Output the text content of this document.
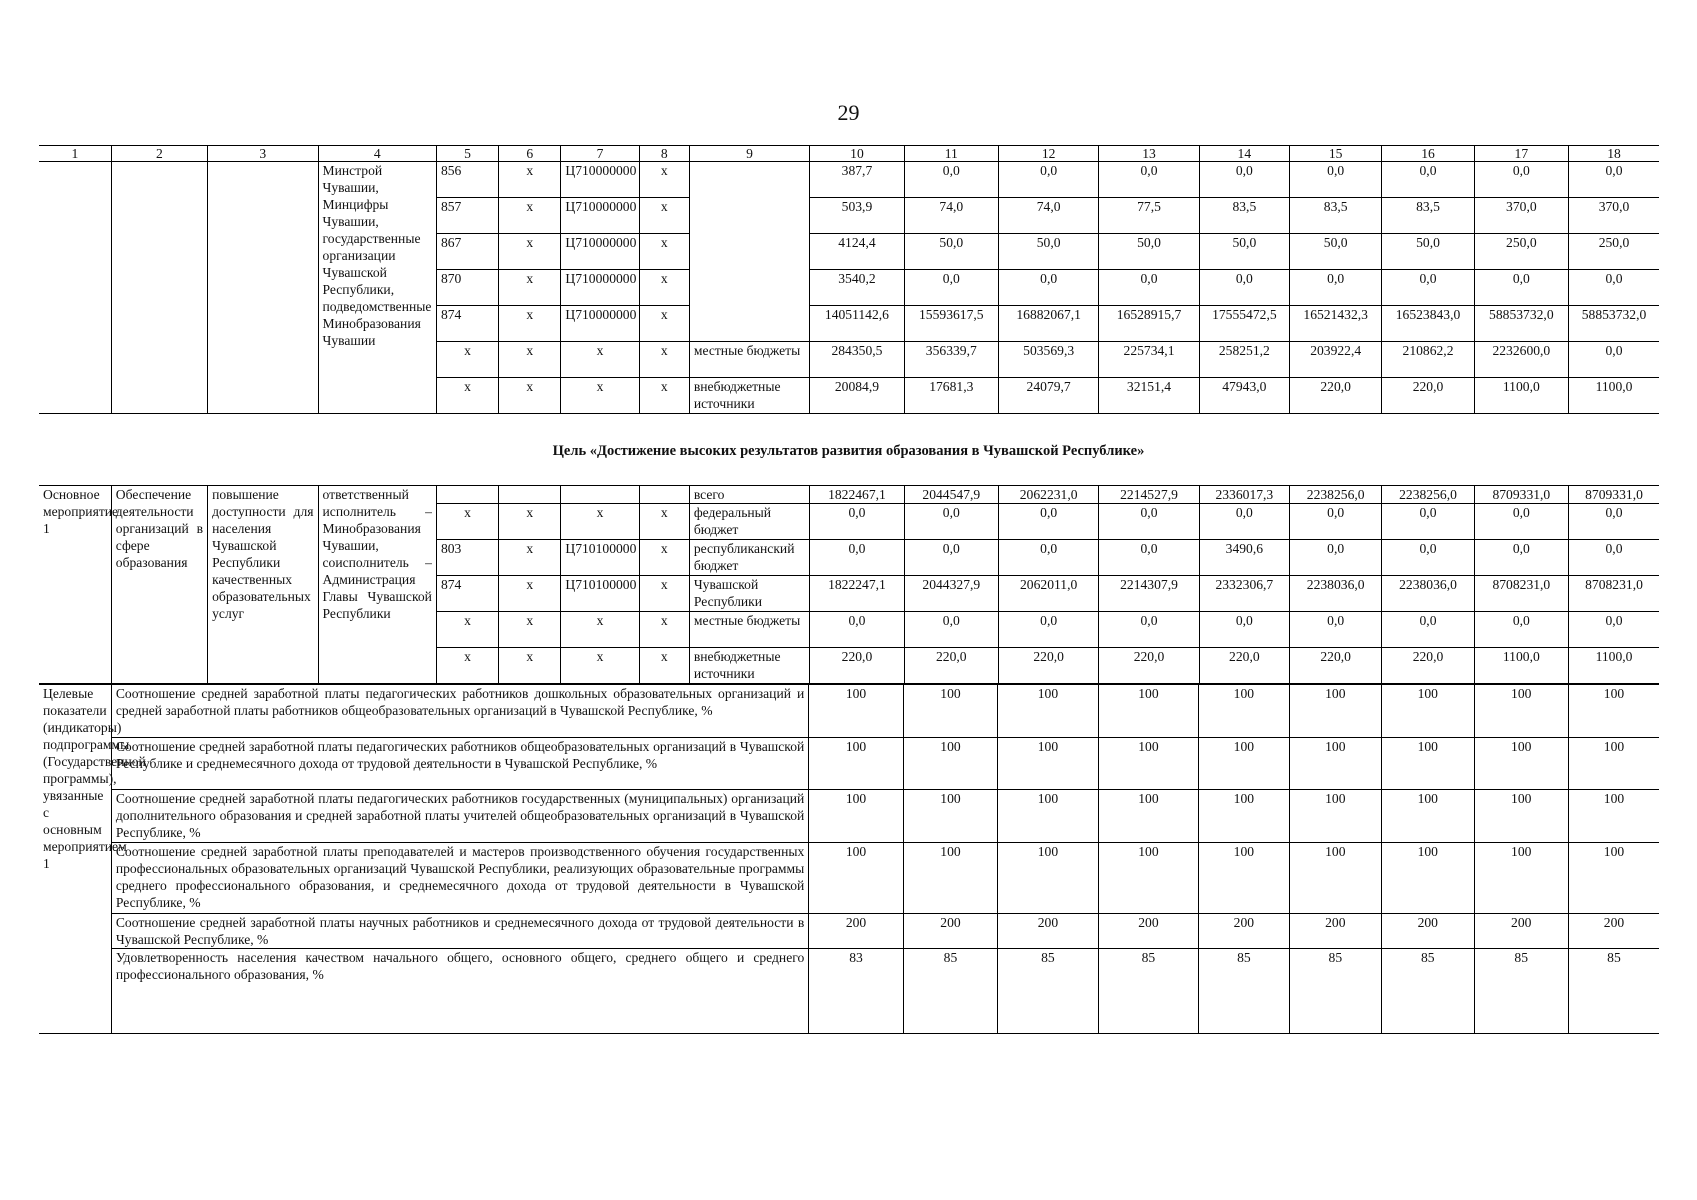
29
1	2	3	4	5	6	7	8	9	10	11	12	13	14	15	16	17	18
			Минстрой Чувашии, Минцифры Чувашии, государственные организации Чувашской Республики, подведомственные Минобразования Чувашии	856	х	Ц710000000	х		387,7	0,0	0,0	0,0	0,0	0,0	0,0	0,0	0,0
				857	х	Ц710000000	х		503,9	74,0	74,0	77,5	83,5	83,5	83,5	370,0	370,0
				867	х	Ц710000000	х		4124,4	50,0	50,0	50,0	50,0	50,0	50,0	250,0	250,0
				870	х	Ц710000000	х		3540,2	0,0	0,0	0,0	0,0	0,0	0,0	0,0	0,0
				874	х	Ц710000000	х		14051142,6	15593617,5	16882067,1	16528915,7	17555472,5	16521432,3	16523843,0	58853732,0	58853732,0
				х	х	х	х	местные бюджеты	284350,5	356339,7	503569,3	225734,1	258251,2	203922,4	210862,2	2232600,0	0,0
				х	х	х	х	внебюджетные источники	20084,9	17681,3	24079,7	32151,4	47943,0	220,0	220,0	1100,0	1100,0
Цель «Достижение высоких результатов развития образования в Чувашской Республике»
Основное мероприятие 1	Обеспечение деятельности организаций в сфере образования	повышение доступности для населения Чувашской Республики качественных образовательных услуг	ответственный исполнитель – Минобразования Чувашии, соисполнитель – Администрация Главы Чувашской Республики					всего	1822467,1	2044547,9	2062231,0	2214527,9	2336017,3	2238256,0	2238256,0	8709331,0	8709331,0
				х	х	х	х	федеральный бюджет	0,0	0,0	0,0	0,0	0,0	0,0	0,0	0,0	0,0
				803	х	Ц710100000	х	республиканский бюджет	0,0	0,0	0,0	0,0	3490,6	0,0	0,0	0,0	0,0
				874	х	Ц710100000	х	Чувашской Республики	1822247,1	2044327,9	2062011,0	2214307,9	2332306,7	2238036,0	2238036,0	8708231,0	8708231,0
				х	х	х	х	местные бюджеты	0,0	0,0	0,0	0,0	0,0	0,0	0,0	0,0	0,0
				х	х	х	х	внебюджетные источники	220,0	220,0	220,0	220,0	220,0	220,0	220,0	1100,0	1100,0
Целевые показатели (индикаторы) подпрограммы (Государственной программы), увязанные с основным мероприятием 1	Соотношение средней заработной платы педагогических работников дошкольных образовательных организаций и средней заработной платы работников общеобразовательных организаций в Чувашской Республике, %	100	100	100	100	100	100	100	100	100
	Соотношение средней заработной платы педагогических работников общеобразовательных организаций в Чувашской Республике и среднемесячного дохода от трудовой деятельности в Чувашской Республике, %	100	100	100	100	100	100	100	100	100
	Соотношение средней заработной платы педагогических работников государственных (муниципальных) организаций дополнительного образования и средней заработной платы учителей общеобразовательных организаций в Чувашской Республике, %	100	100	100	100	100	100	100	100	100
	Соотношение средней заработной платы преподавателей и мастеров производственного обучения государственных профессиональных образовательных организаций Чувашской Республики, реализующих образовательные программы среднего профессионального образования, и среднемесячного дохода от трудовой деятельности в Чувашской Республике, %	100	100	100	100	100	100	100	100	100
	Соотношение средней заработной платы научных работников и среднемесячного дохода от трудовой деятельности в Чувашской Республике, %	200	200	200	200	200	200	200	200	200
	Удовлетворенность населения качеством начального общего, основного общего, среднего общего и среднего профессионального образования, %	83	85	85	85	85	85	85	85	85
